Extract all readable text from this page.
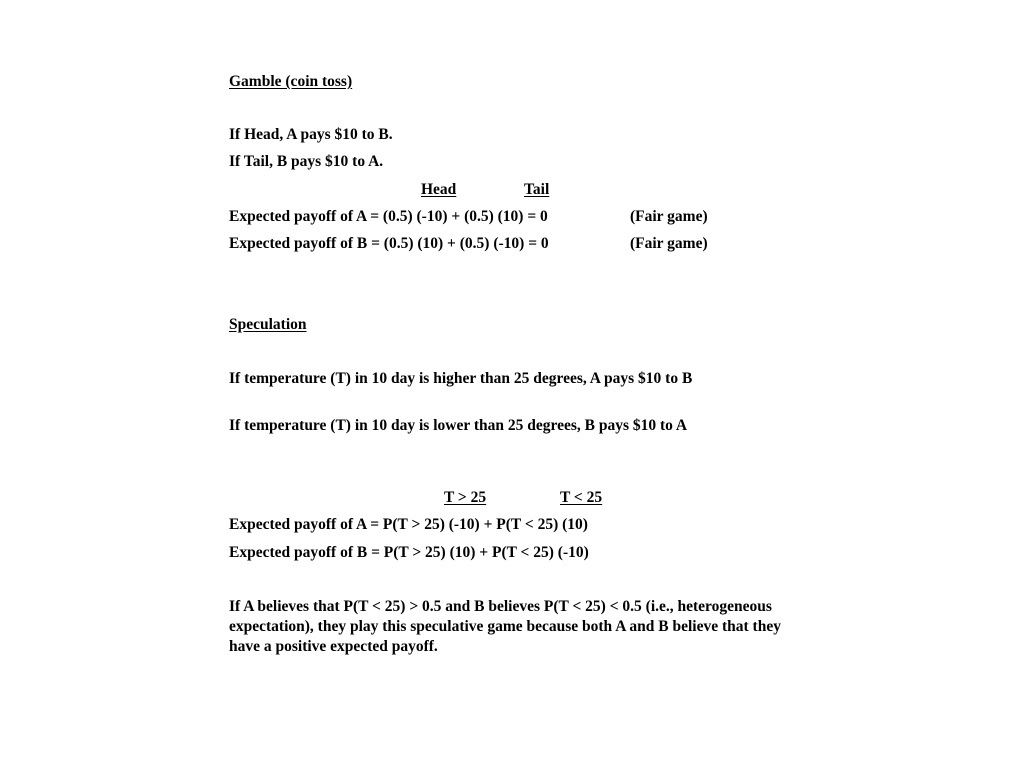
Gamble (coin toss)
If Head, A pays $10 to B.
If Tail, B pays $10 to A.
Head	Tail
Expected payoff of A = (0.5) (-10) + (0.5) (10) = 0	(Fair game)
Expected payoff of B = (0.5) (10) + (0.5) (-10) = 0	(Fair game)
Speculation
If temperature (T) in 10 day is higher than 25 degrees, A pays $10 to B
If temperature (T) in 10 day is lower than 25 degrees, B pays $10 to A
T > 25	T < 25
Expected payoff of A = P(T > 25) (-10) + P(T < 25) (10)
Expected payoff of B = P(T > 25) (10) + P(T < 25) (-10)
If A believes that P(T < 25) > 0.5 and B believes P(T < 25) < 0.5 (i.e., heterogeneous expectation), they play this speculative game because both A and B believe that they have a positive expected payoff.
